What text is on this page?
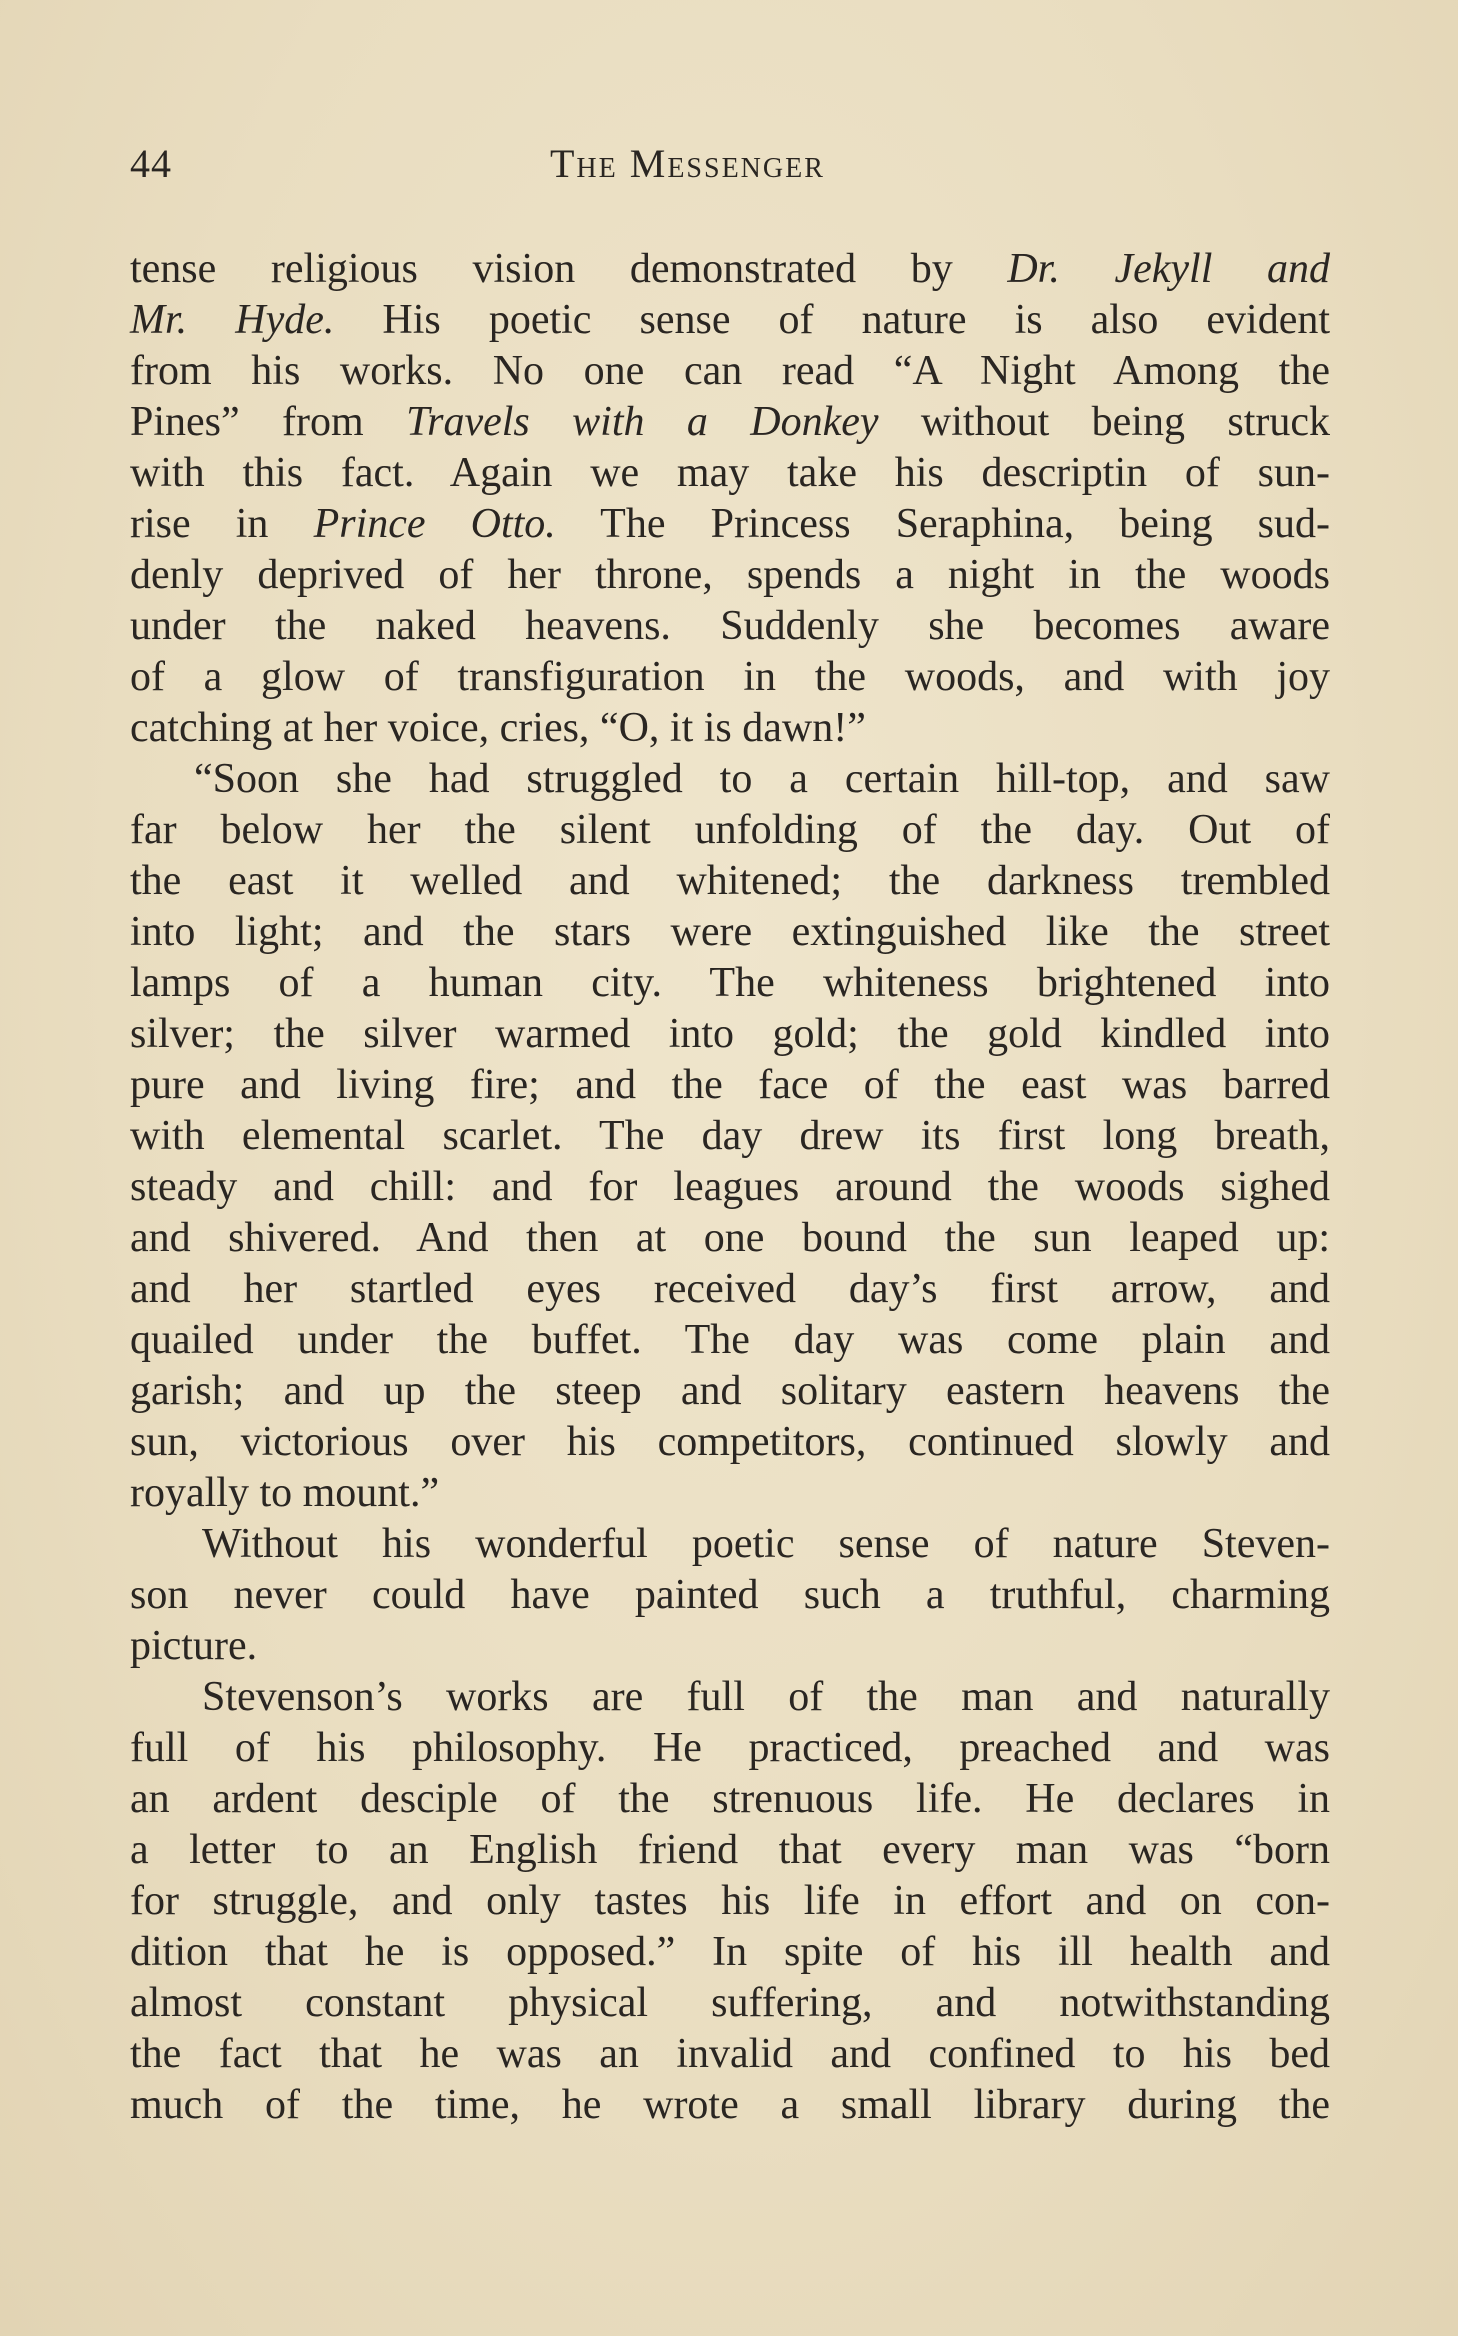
44	The Messenger
tense religious vision demonstrated by Dr. Jekyll and
Mr. Hyde. His poetic sense of nature is also evident
from his works. No one can read “A Night Among the
Pines” from Travels with a Donkey without being struck
with this fact. Again we may take his descriptin of sun-
rise in Prince Otto. The Princess Seraphina, being sud-
denly deprived of her throne, spends a night in the woods
under the naked heavens. Suddenly she becomes aware
of a glow of transfiguration in the woods, and with joy
catching at her voice, cries, “O, it is dawn!”
“Soon she had struggled to a certain hill-top, and saw
far below her the silent unfolding of the day. Out of
the east it welled and whitened; the darkness trembled
into light; and the stars were extinguished like the street
lamps of a human city. The whiteness brightened into
silver; the silver warmed into gold; the gold kindled into
pure and living fire; and the face of the east was barred
with elemental scarlet. The day drew its first long breath,
steady and chill: and for leagues around the woods sighed
and shivered. And then at one bound the sun leaped up:
and her startled eyes received day’s first arrow, and
quailed under the buffet. The day was come plain and
garish; and up the steep and solitary eastern heavens the
sun, victorious over his competitors, continued slowly and
royally to mount.”
Without his wonderful poetic sense of nature Steven-
son never could have painted such a truthful, charming
picture.
Stevenson’s works are full of the man and naturally
full of his philosophy. He practiced, preached and was
an ardent desciple of the strenuous life. He declares in
a letter to an English friend that every man was “born
for struggle, and only tastes his life in effort and on con-
dition that he is opposed.” In spite of his ill health and
almost constant physical suffering, and notwithstanding
the fact that he was an invalid and confined to his bed
much of the time, he wrote a small library during the
